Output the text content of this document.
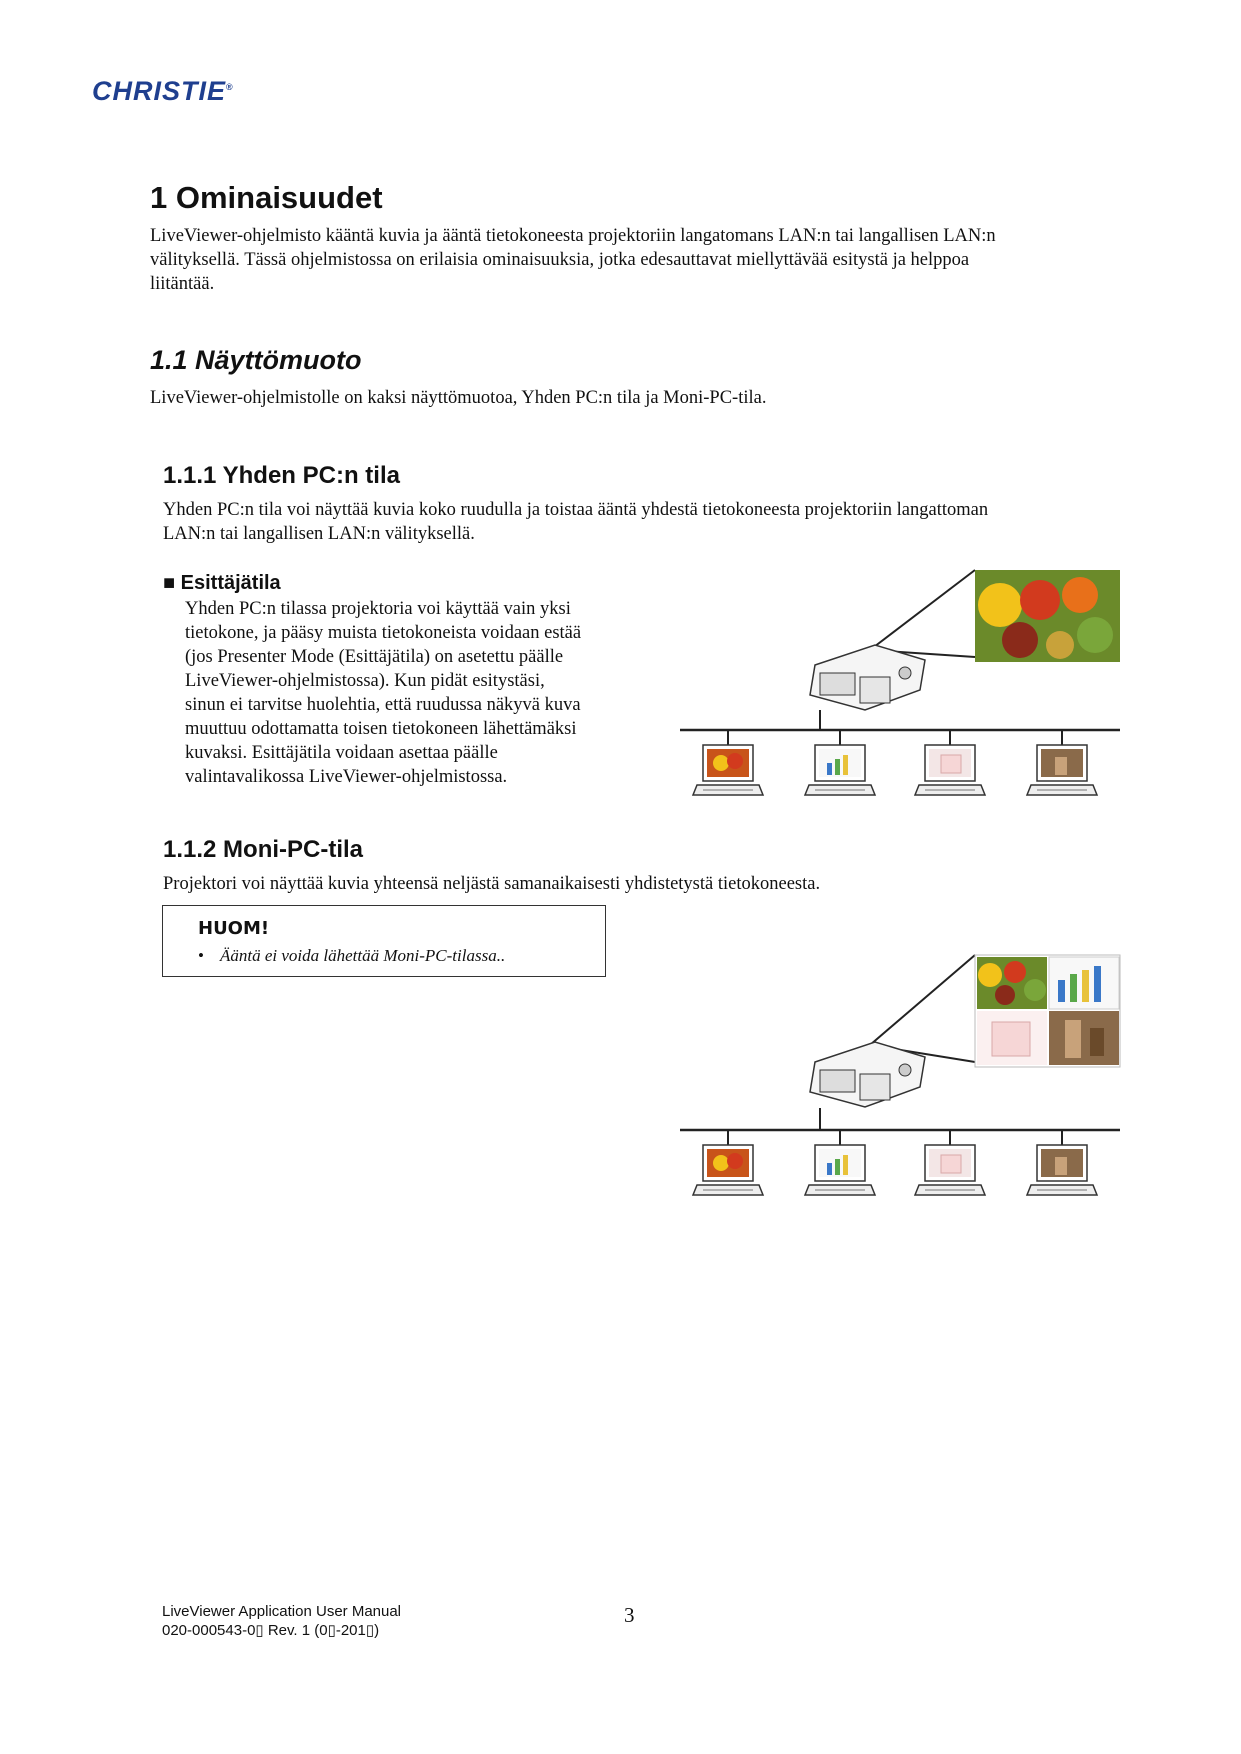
CHRISTIE®
1 Ominaisuudet

LiveViewer-ohjelmisto kääntä kuvia ja ääntä tietokoneesta projektoriin langatomans LAN:n tai langallisen LAN:n

välityksellä. Tässä ohjelmistossa on erilaisia ominaisuuksia, jotka edesauttavat miellyttävää esitystä ja helppoa

liitäntää.

1.1 Näyttömuoto

LiveViewer-ohjelmistolle on kaksi näyttömuotoa, Yhden PC:n tila ja Moni-PC-tila.

1.1.1 Yhden PC:n tila

Yhden PC:n tila voi näyttää kuvia koko ruudulla ja toistaa ääntä yhdestä tietokoneesta projektoriin langattoman

LAN:n tai langallisen LAN:n välityksellä.

■ Esittäjätila

Yhden PC:n tilassa projektoria voi käyttää vain yksi

tietokone, ja pääsy muista tietokoneista voidaan estää

(jos Presenter Mode (Esittäjätila) on asetettu päälle

LiveViewer-ohjelmistossa). Kun pidät esitystäsi,

sinun ei tarvitse huolehtia, että ruudussa näkyvä kuva

muuttuu odottamatta toisen tietokoneen lähettämäksi

kuvaksi. Esittäjätila voidaan asettaa päälle

valintavalikossa LiveViewer-ohjelmistossa.

1.1.2 Moni-PC-tila

Projektori voi näyttää kuvia yhteensä neljästä samanaikaisesti yhdistetystä tietokoneesta.

HUOM!
• Ääntä ei voida lähettää Moni-PC-tilassa..
LiveViewer Application User Manual
020-000543-0▯ Rev. 1 (0▯-201▯)
3
